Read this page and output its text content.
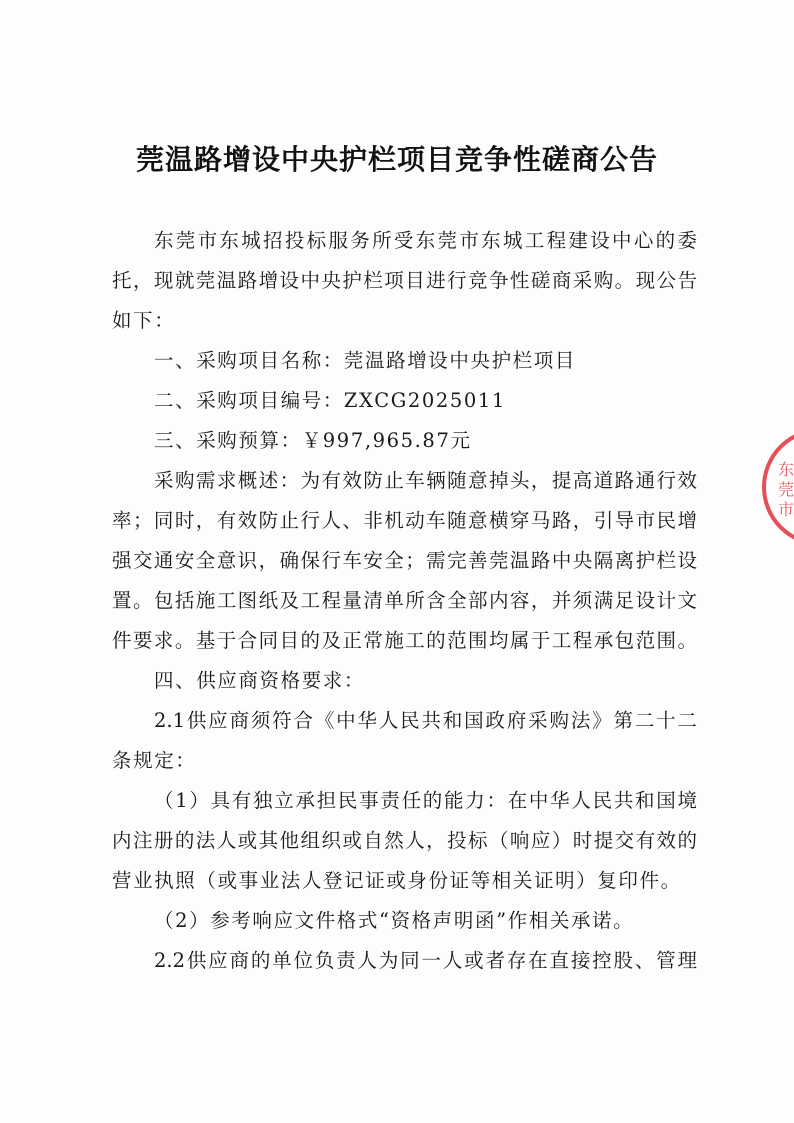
莞温路增设中央护栏项目竞争性磋商公告
东莞市东城招投标服务所受东莞市东城工程建设中心的委
托，现就莞温路增设中央护栏项目进行竞争性磋商采购。现公告
如下：
一、采购项目名称：莞温路增设中央护栏项目
二、采购项目编号：ZXCG2025011
三、采购预算：￥997,965.87元
采购需求概述：为有效防止车辆随意掉头，提高道路通行效
率；同时，有效防止行人、非机动车随意横穿马路，引导市民增
强交通安全意识，确保行车安全；需完善莞温路中央隔离护栏设
置。包括施工图纸及工程量清单所含全部内容，并须满足设计文
件要求。基于合同目的及正常施工的范围均属于工程承包范围。
四、供应商资格要求：
2.1供应商须符合《中华人民共和国政府采购法》第二十二
条规定：
（1）具有独立承担民事责任的能力：在中华人民共和国境
内注册的法人或其他组织或自然人，投标（响应）时提交有效的
营业执照（或事业法人登记证或身份证等相关证明）复印件。
（2）参考响应文件格式“资格声明函”作相关承诺。
2.2供应商的单位负责人为同一人或者存在直接控股、管理
东莞市
